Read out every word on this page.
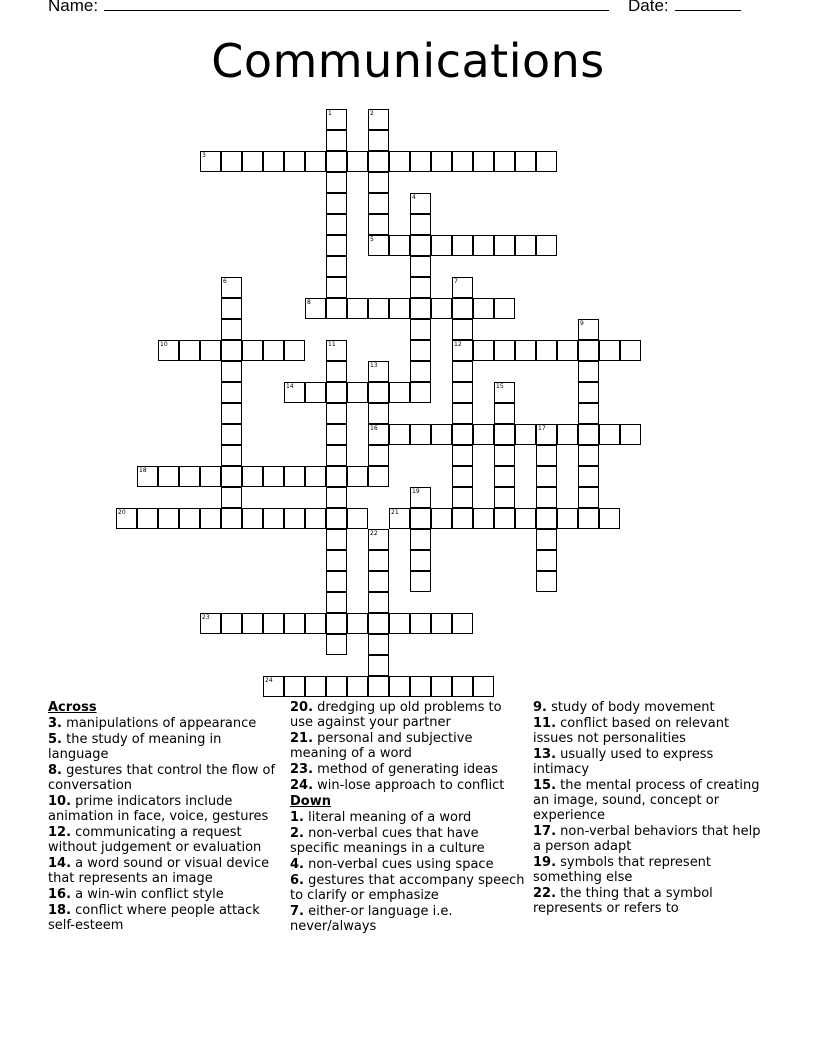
Name:	Date:
Communications
3
5
8
10	12
14
16	17
18
20	21
23
24
1	2
4
6	7
9
11
13
15
19
22
Across
3. manipulations of appearance
5. the study of meaning in language
8. gestures that control the flow of conversation
10. prime indicators include animation in face, voice, gestures
12. communicating a request without judgement or evaluation
14. a word sound or visual device that represents an image
16. a win-win conflict style
18. conflict where people attack self-esteem
20. dredging up old problems to use against your partner
21. personal and subjective meaning of a word
23. method of generating ideas
24. win-lose approach to conflict
Down
1. literal meaning of a word
2. non-verbal cues that have specific meanings in a culture
4. non-verbal cues using space
6. gestures that accompany speech to clarify or emphasize
7. either-or language i.e. never/always
9. study of body movement
11. conflict based on relevant issues not personalities
13. usually used to express intimacy
15. the mental process of creating an image, sound, concept or experience
17. non-verbal behaviors that help a person adapt
19. symbols that represent something else
22. the thing that a symbol represents or refers to
